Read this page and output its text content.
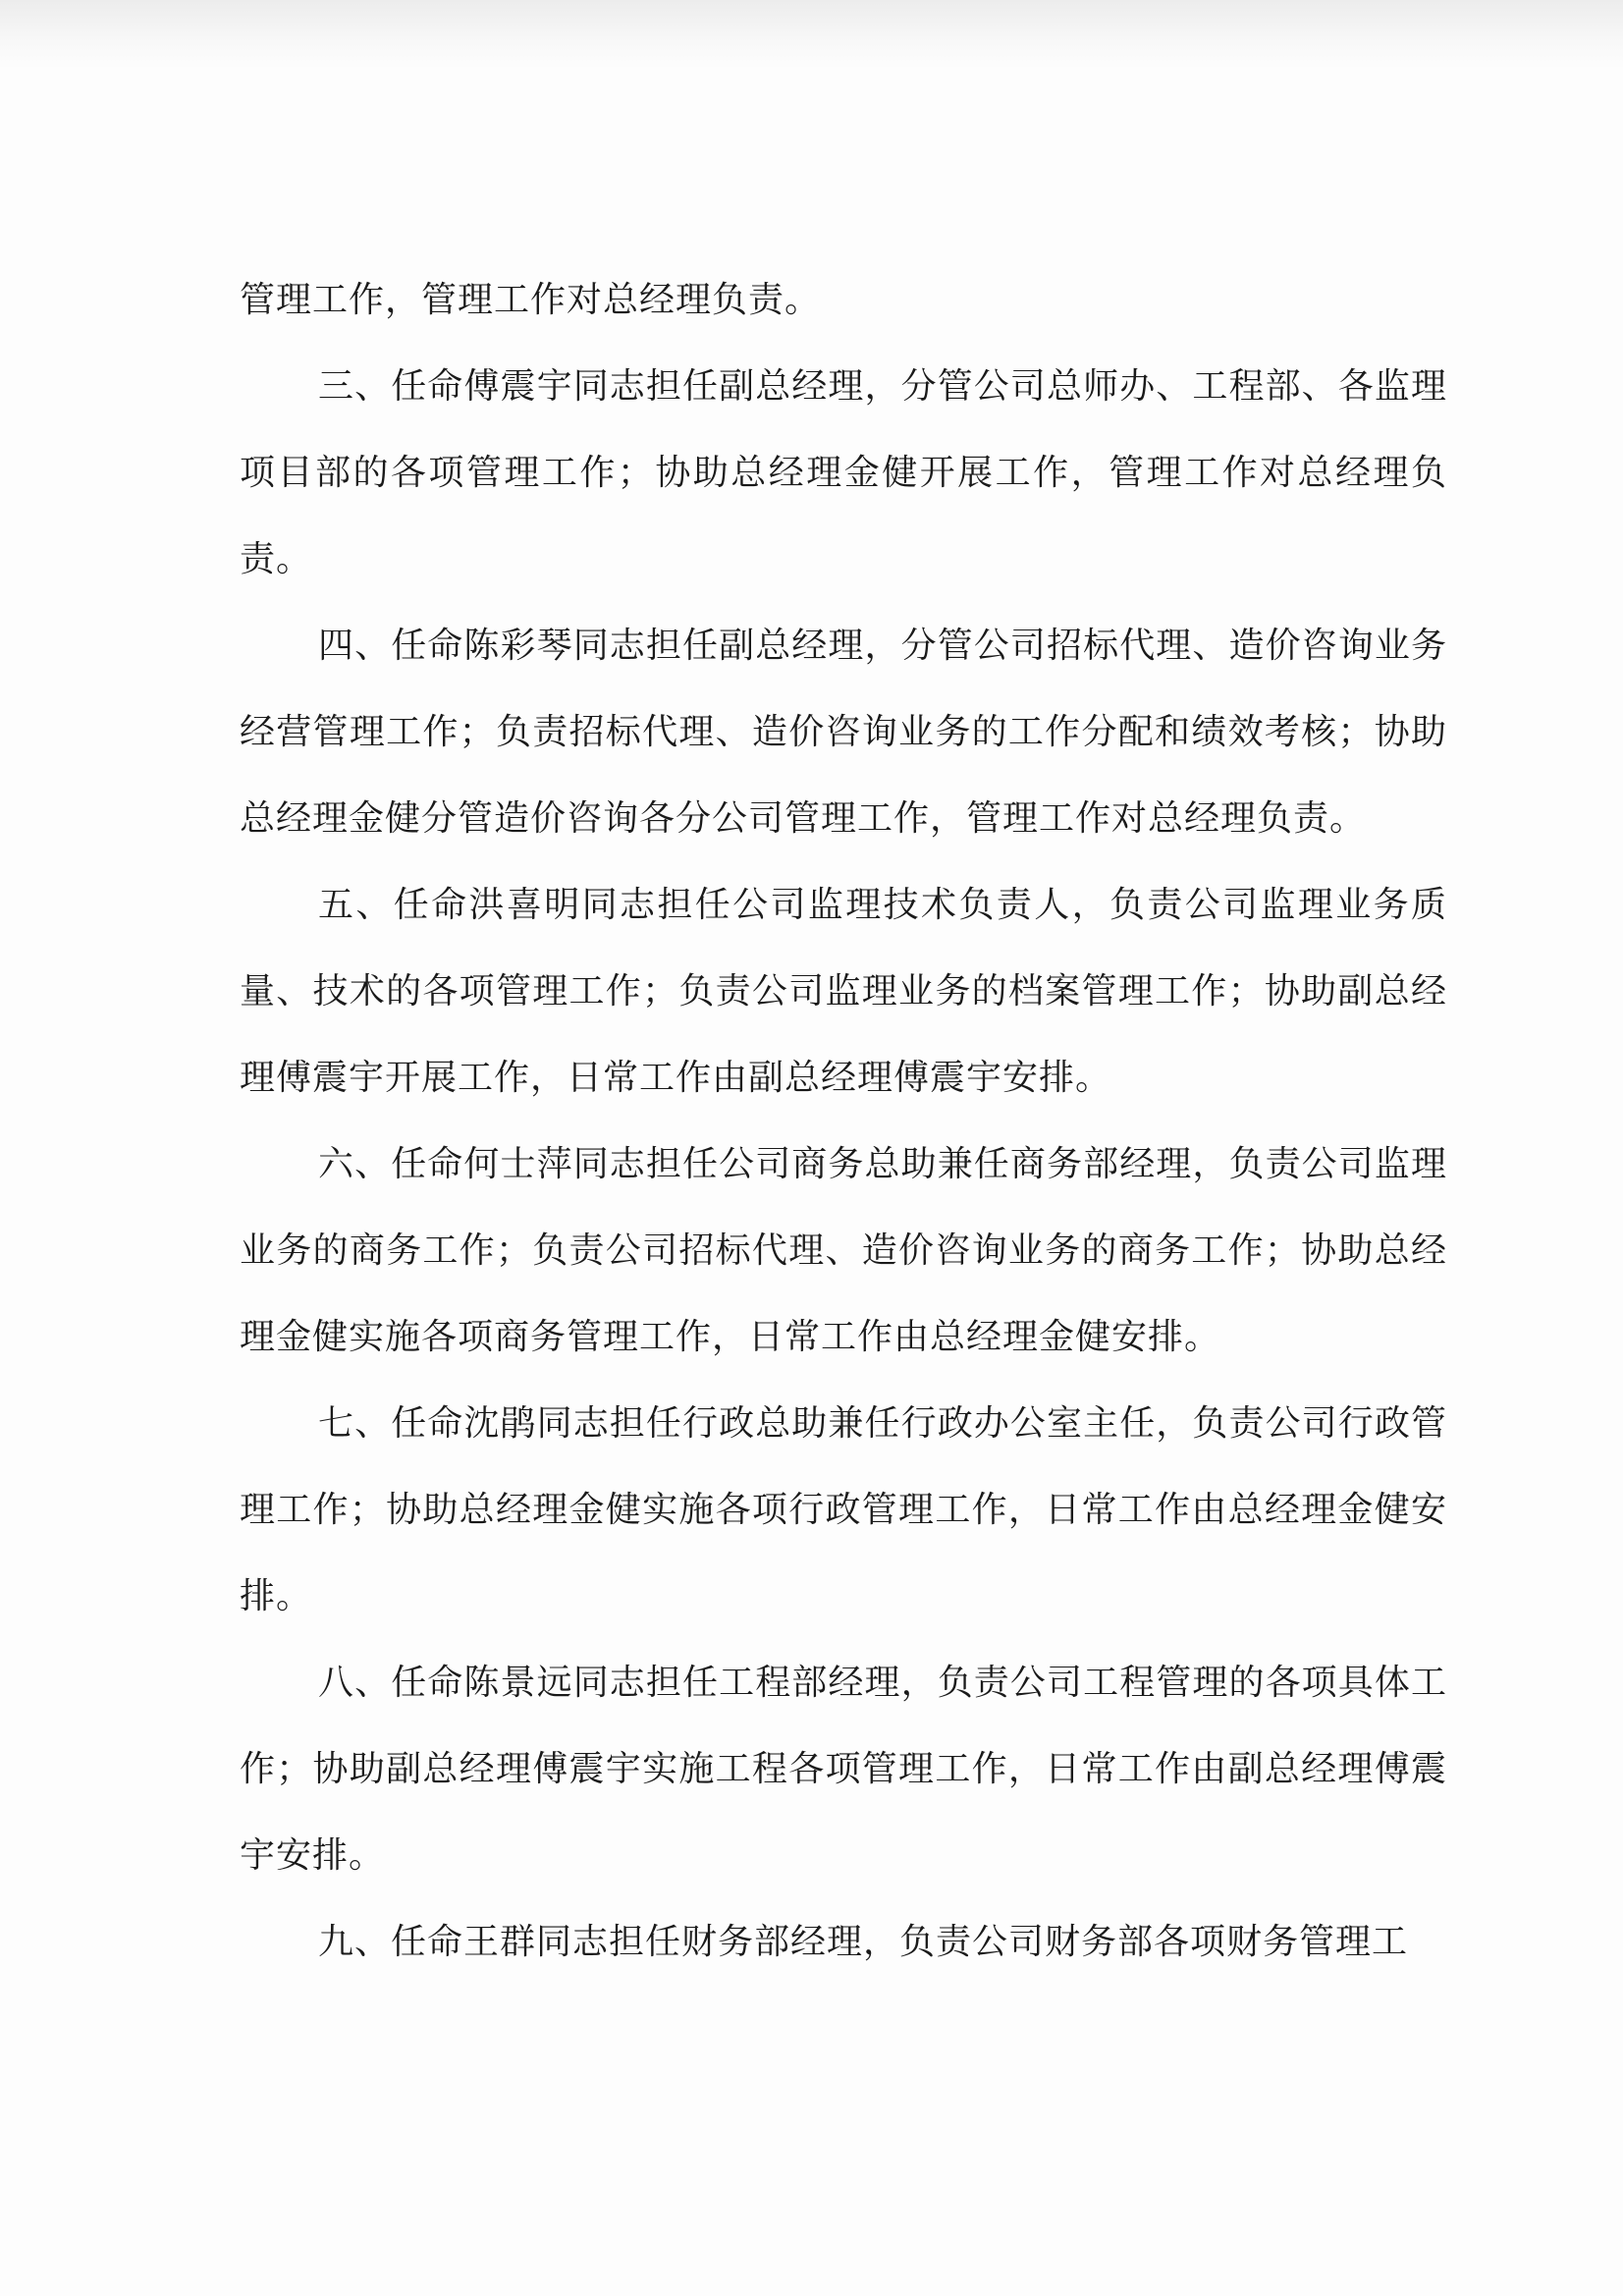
管理工作，管理工作对总经理负责。

三、任命傅震宇同志担任副总经理，分管公司总师办、工程部、各监理项目部的各项管理工作；协助总经理金健开展工作，管理工作对总经理负责。

四、任命陈彩琴同志担任副总经理，分管公司招标代理、造价咨询业务经营管理工作；负责招标代理、造价咨询业务的工作分配和绩效考核；协助总经理金健分管造价咨询各分公司管理工作，管理工作对总经理负责。

五、任命洪喜明同志担任公司监理技术负责人，负责公司监理业务质量、技术的各项管理工作；负责公司监理业务的档案管理工作；协助副总经理傅震宇开展工作，日常工作由副总经理傅震宇安排。

六、任命何士萍同志担任公司商务总助兼任商务部经理，负责公司监理业务的商务工作；负责公司招标代理、造价咨询业务的商务工作；协助总经理金健实施各项商务管理工作，日常工作由总经理金健安排。

七、任命沈鹃同志担任行政总助兼任行政办公室主任，负责公司行政管理工作；协助总经理金健实施各项行政管理工作，日常工作由总经理金健安排。

八、任命陈景远同志担任工程部经理，负责公司工程管理的各项具体工作；协助副总经理傅震宇实施工程各项管理工作，日常工作由副总经理傅震宇安排。

九、任命王群同志担任财务部经理，负责公司财务部各项财务管理工
